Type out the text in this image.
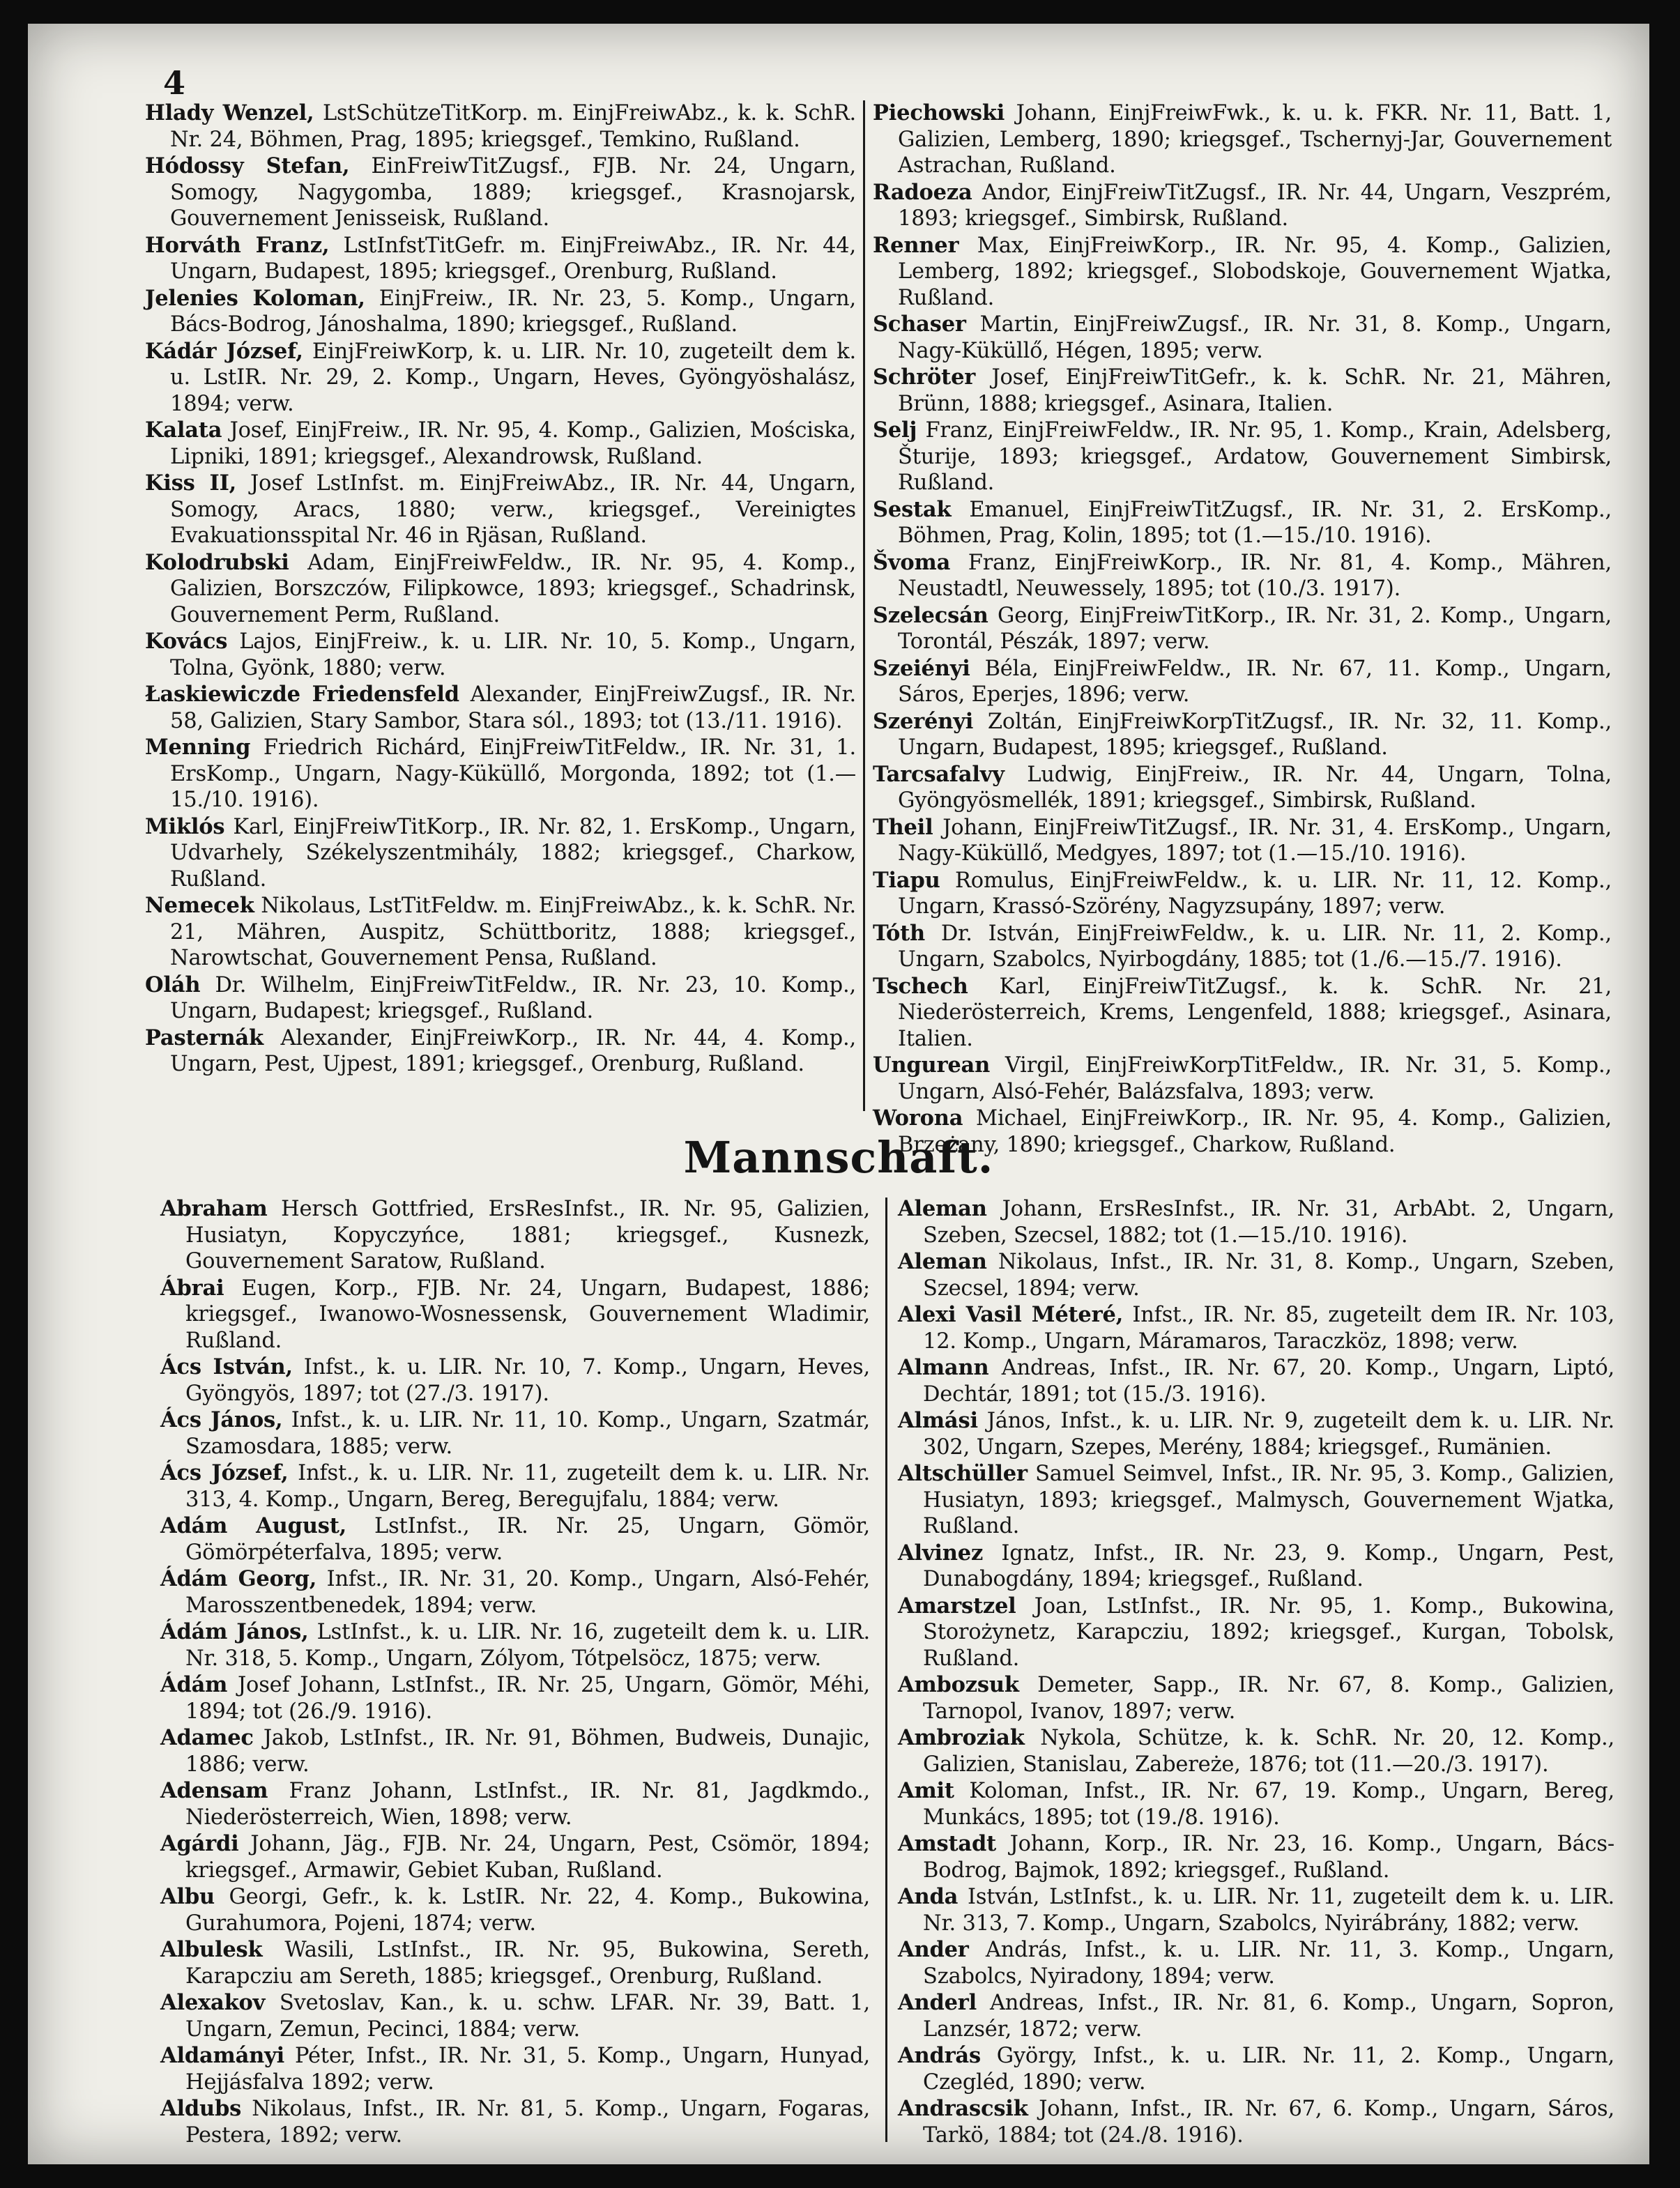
4

Hlady Wenzel, LstSchützeTitKorp. m. EinjFreiwAbz., k. k. SchR. Nr. 24, Böhmen, Prag, 1895; kriegsgef., Temkino, Rußland.

Hódossy Stefan, EinFreiwTitZugsf., FJB. Nr. 24, Ungarn, Somogy, Nagygomba, 1889; kriegsgef., Krasnojarsk, Gouvernement Jenisseisk, Rußland.

Horváth Franz, LstInfstTitGefr. m. EinjFreiwAbz., IR. Nr. 44, Ungarn, Budapest, 1895; kriegsgef., Orenburg, Rußland.

Jelenies Koloman, EinjFreiw., IR. Nr. 23, 5. Komp., Ungarn, Bács-Bodrog, Jánoshalma, 1890; kriegsgef., Rußland.

Kádár József, EinjFreiwKorp, k. u. LIR. Nr. 10, zugeteilt dem k. u. LstIR. Nr. 29, 2. Komp., Ungarn, Heves, Gyöngyöshalász, 1894; verw.

Kalata Josef, EinjFreiw., IR. Nr. 95, 4. Komp., Galizien, Mościska, Lipniki, 1891; kriegsgef., Alexandrowsk, Rußland.

Kiss II, Josef LstInfst. m. EinjFreiwAbz., IR. Nr. 44, Ungarn, Somogy, Aracs, 1880; verw., kriegsgef., Vereinigtes Evakuationsspital Nr. 46 in Rjäsan, Rußland.

Kolodrubski Adam, EinjFreiwFeldw., IR. Nr. 95, 4. Komp., Galizien, Borszczów, Filipkowce, 1893; kriegsgef., Schadrinsk, Gouvernement Perm, Rußland.

Kovács Lajos, EinjFreiw., k. u. LIR. Nr. 10, 5. Komp., Ungarn, Tolna, Gyönk, 1880; verw.

Łaskiewiczde Friedensfeld Alexander, EinjFreiwZugsf., IR. Nr. 58, Galizien, Stary Sambor, Stara sól., 1893; tot (13./11. 1916).

Menning Friedrich Richárd, EinjFreiwTitFeldw., IR. Nr. 31, 1. ErsKomp., Ungarn, Nagy-Küküllő, Morgonda, 1892; tot (1.—15./10. 1916).

Miklós Karl, EinjFreiwTitKorp., IR. Nr. 82, 1. ErsKomp., Ungarn, Udvarhely, Székelyszentmihály, 1882; kriegsgef., Charkow, Rußland.

Nemecek Nikolaus, LstTitFeldw. m. EinjFreiwAbz., k. k. SchR. Nr. 21, Mähren, Auspitz, Schüttboritz, 1888; kriegsgef., Narowtschat, Gouvernement Pensa, Rußland.

Oláh Dr. Wilhelm, EinjFreiwTitFeldw., IR. Nr. 23, 10. Komp., Ungarn, Budapest; kriegsgef., Rußland.

Pasternák Alexander, EinjFreiwKorp., IR. Nr. 44, 4. Komp., Ungarn, Pest, Ujpest, 1891; kriegsgef., Orenburg, Rußland.

Piechowski Johann, EinjFreiwFwk., k. u. k. FKR. Nr. 11, Batt. 1, Galizien, Lemberg, 1890; kriegsgef., Tschernyj-Jar, Gouvernement Astrachan, Rußland.

Radoeza Andor, EinjFreiwTitZugsf., IR. Nr. 44, Ungarn, Veszprém, 1893; kriegsgef., Simbirsk, Rußland.

Renner Max, EinjFreiwKorp., IR. Nr. 95, 4. Komp., Galizien, Lemberg, 1892; kriegsgef., Slobodskoje, Gouvernement Wjatka, Rußland.

Schaser Martin, EinjFreiwZugsf., IR. Nr. 31, 8. Komp., Ungarn, Nagy-Küküllő, Hégen, 1895; verw.

Schröter Josef, EinjFreiwTitGefr., k. k. SchR. Nr. 21, Mähren, Brünn, 1888; kriegsgef., Asinara, Italien.

Selj Franz, EinjFreiwFeldw., IR. Nr. 95, 1. Komp., Krain, Adelsberg, Šturije, 1893; kriegsgef., Ardatow, Gouvernement Simbirsk, Rußland.

Sestak Emanuel, EinjFreiwTitZugsf., IR. Nr. 31, 2. ErsKomp., Böhmen, Prag, Kolin, 1895; tot (1.—15./10. 1916).

Švoma Franz, EinjFreiwKorp., IR. Nr. 81, 4. Komp., Mähren, Neustadtl, Neuwessely, 1895; tot (10./3. 1917).

Szelecsán Georg, EinjFreiwTitKorp., IR. Nr. 31, 2. Komp., Ungarn, Torontál, Pészák, 1897; verw.

Szeiényi Béla, EinjFreiwFeldw., IR. Nr. 67, 11. Komp., Ungarn, Sáros, Eperjes, 1896; verw.

Szerényi Zoltán, EinjFreiwKorpTitZugsf., IR. Nr. 32, 11. Komp., Ungarn, Budapest, 1895; kriegsgef., Rußland.

Tarcsafalvy Ludwig, EinjFreiw., IR. Nr. 44, Ungarn, Tolna, Gyöngyösmellék, 1891; kriegsgef., Simbirsk, Rußland.

Theil Johann, EinjFreiwTitZugsf., IR. Nr. 31, 4. ErsKomp., Ungarn, Nagy-Küküllő, Medgyes, 1897; tot (1.—15./10. 1916).

Tiapu Romulus, EinjFreiwFeldw., k. u. LIR. Nr. 11, 12. Komp., Ungarn, Krassó-Szörény, Nagyzsupány, 1897; verw.

Tóth Dr. István, EinjFreiwFeldw., k. u. LIR. Nr. 11, 2. Komp., Ungarn, Szabolcs, Nyirbogdány, 1885; tot (1./6.—15./7. 1916).

Tschech Karl, EinjFreiwTitZugsf., k. k. SchR. Nr. 21, Niederösterreich, Krems, Lengenfeld, 1888; kriegsgef., Asinara, Italien.

Ungurean Virgil, EinjFreiwKorpTitFeldw., IR. Nr. 31, 5. Komp., Ungarn, Alsó-Fehér, Balázsfalva, 1893; verw.

Worona Michael, EinjFreiwKorp., IR. Nr. 95, 4. Komp., Galizien, Brzeżany, 1890; kriegsgef., Charkow, Rußland.

Mannschaft.

Abraham Hersch Gottfried, ErsResInfst., IR. Nr. 95, Galizien, Husiatyn, Kopyczyńce, 1881; kriegsgef., Kusnezk, Gouvernement Saratow, Rußland.

Ábrai Eugen, Korp., FJB. Nr. 24, Ungarn, Budapest, 1886; kriegsgef., Iwanowo-Wosnessensk, Gouvernement Wladimir, Rußland.

Ács István, Infst., k. u. LIR. Nr. 10, 7. Komp., Ungarn, Heves, Gyöngyös, 1897; tot (27./3. 1917).

Ács János, Infst., k. u. LIR. Nr. 11, 10. Komp., Ungarn, Szatmár, Szamosdara, 1885; verw.

Ács József, Infst., k. u. LIR. Nr. 11, zugeteilt dem k. u. LIR. Nr. 313, 4. Komp., Ungarn, Bereg, Beregujfalu, 1884; verw.

Adám August, LstInfst., IR. Nr. 25, Ungarn, Gömör, Gömörpéterfalva, 1895; verw.

Ádám Georg, Infst., IR. Nr. 31, 20. Komp., Ungarn, Alsó-Fehér, Marosszentbenedek, 1894; verw.

Ádám János, LstInfst., k. u. LIR. Nr. 16, zugeteilt dem k. u. LIR. Nr. 318, 5. Komp., Ungarn, Zólyom, Tótpelsöcz, 1875; verw.

Ádám Josef Johann, LstInfst., IR. Nr. 25, Ungarn, Gömör, Méhi, 1894; tot (26./9. 1916).

Adamec Jakob, LstInfst., IR. Nr. 91, Böhmen, Budweis, Dunajic, 1886; verw.

Adensam Franz Johann, LstInfst., IR. Nr. 81, Jagdkmdo., Niederösterreich, Wien, 1898; verw.

Agárdi Johann, Jäg., FJB. Nr. 24, Ungarn, Pest, Csömör, 1894; kriegsgef., Armawir, Gebiet Kuban, Rußland.

Albu Georgi, Gefr., k. k. LstIR. Nr. 22, 4. Komp., Bukowina, Gurahumora, Pojeni, 1874; verw.

Albulesk Wasili, LstInfst., IR. Nr. 95, Bukowina, Sereth, Karapcziu am Sereth, 1885; kriegsgef., Orenburg, Rußland.

Alexakov Svetoslav, Kan., k. u. schw. LFAR. Nr. 39, Batt. 1, Ungarn, Zemun, Pecinci, 1884; verw.

Aldamányi Péter, Infst., IR. Nr. 31, 5. Komp., Ungarn, Hunyad, Hejjásfalva 1892; verw.

Aldubs Nikolaus, Infst., IR. Nr. 81, 5. Komp., Ungarn, Fogaras, Pestera, 1892; verw.

Aleman Johann, ErsResInfst., IR. Nr. 31, ArbAbt. 2, Ungarn, Szeben, Szecsel, 1882; tot (1.—15./10. 1916).

Aleman Nikolaus, Infst., IR. Nr. 31, 8. Komp., Ungarn, Szeben, Szecsel, 1894; verw.

Alexi Vasil Méteré, Infst., IR. Nr. 85, zugeteilt dem IR. Nr. 103, 12. Komp., Ungarn, Máramaros, Taraczköz, 1898; verw.

Almann Andreas, Infst., IR. Nr. 67, 20. Komp., Ungarn, Liptó, Dechtár, 1891; tot (15./3. 1916).

Almási János, Infst., k. u. LIR. Nr. 9, zugeteilt dem k. u. LIR. Nr. 302, Ungarn, Szepes, Merény, 1884; kriegsgef., Rumänien.

Altschüller Samuel Seimvel, Infst., IR. Nr. 95, 3. Komp., Galizien, Husiatyn, 1893; kriegsgef., Malmysch, Gouvernement Wjatka, Rußland.

Alvinez Ignatz, Infst., IR. Nr. 23, 9. Komp., Ungarn, Pest, Dunabogdány, 1894; kriegsgef., Rußland.

Amarstzel Joan, LstInfst., IR. Nr. 95, 1. Komp., Bukowina, Storożynetz, Karapcziu, 1892; kriegsgef., Kurgan, Tobolsk, Rußland.

Ambozsuk Demeter, Sapp., IR. Nr. 67, 8. Komp., Galizien, Tarnopol, Ivanov, 1897; verw.

Ambroziak Nykola, Schütze, k. k. SchR. Nr. 20, 12. Komp., Galizien, Stanislau, Zabereże, 1876; tot (11.—20./3. 1917).

Amit Koloman, Infst., IR. Nr. 67, 19. Komp., Ungarn, Bereg, Munkács, 1895; tot (19./8. 1916).

Amstadt Johann, Korp., IR. Nr. 23, 16. Komp., Ungarn, Bács-Bodrog, Bajmok, 1892; kriegsgef., Rußland.

Anda István, LstInfst., k. u. LIR. Nr. 11, zugeteilt dem k. u. LIR. Nr. 313, 7. Komp., Ungarn, Szabolcs, Nyirábrány, 1882; verw.

Ander András, Infst., k. u. LIR. Nr. 11, 3. Komp., Ungarn, Szabolcs, Nyiradony, 1894; verw.

Anderl Andreas, Infst., IR. Nr. 81, 6. Komp., Ungarn, Sopron, Lanzsér, 1872; verw.

András György, Infst., k. u. LIR. Nr. 11, 2. Komp., Ungarn, Czegléd, 1890; verw.

Andrascsik Johann, Infst., IR. Nr. 67, 6. Komp., Ungarn, Sáros, Tarkö, 1884; tot (24./8. 1916).
